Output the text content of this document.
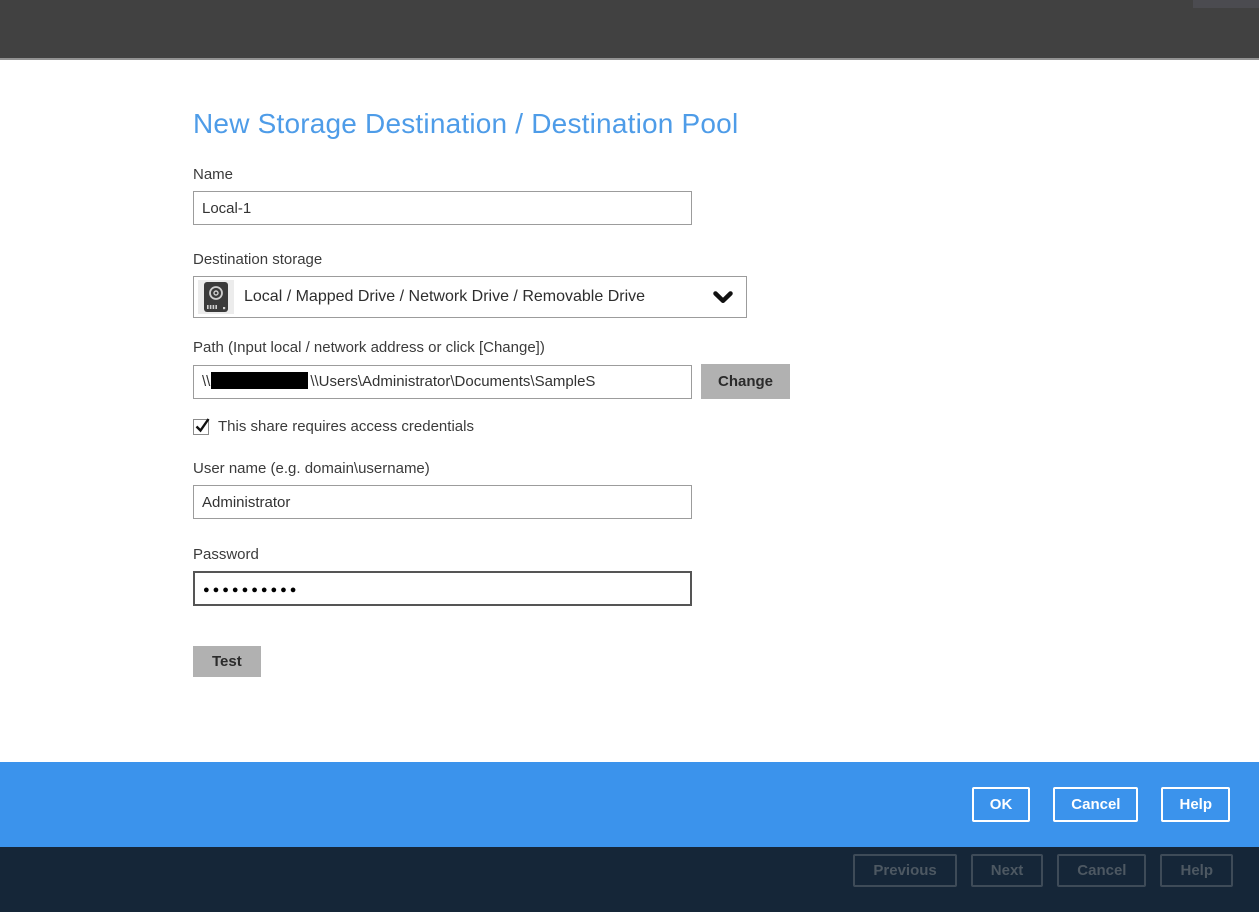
New Storage Destination / Destination Pool
Name
Local-1
Destination storage
Local / Mapped Drive / Network Drive / Removable Drive
Path (Input local / network address or click [Change])
\\	\\Users\Administrator\Documents\SampleS	Change
This share requires access credentials
User name (e.g. domain\username)
Administrator
Password
●●●●●●●●●●
Test
OK	Cancel	Help
Previous	Next	Cancel	Help
